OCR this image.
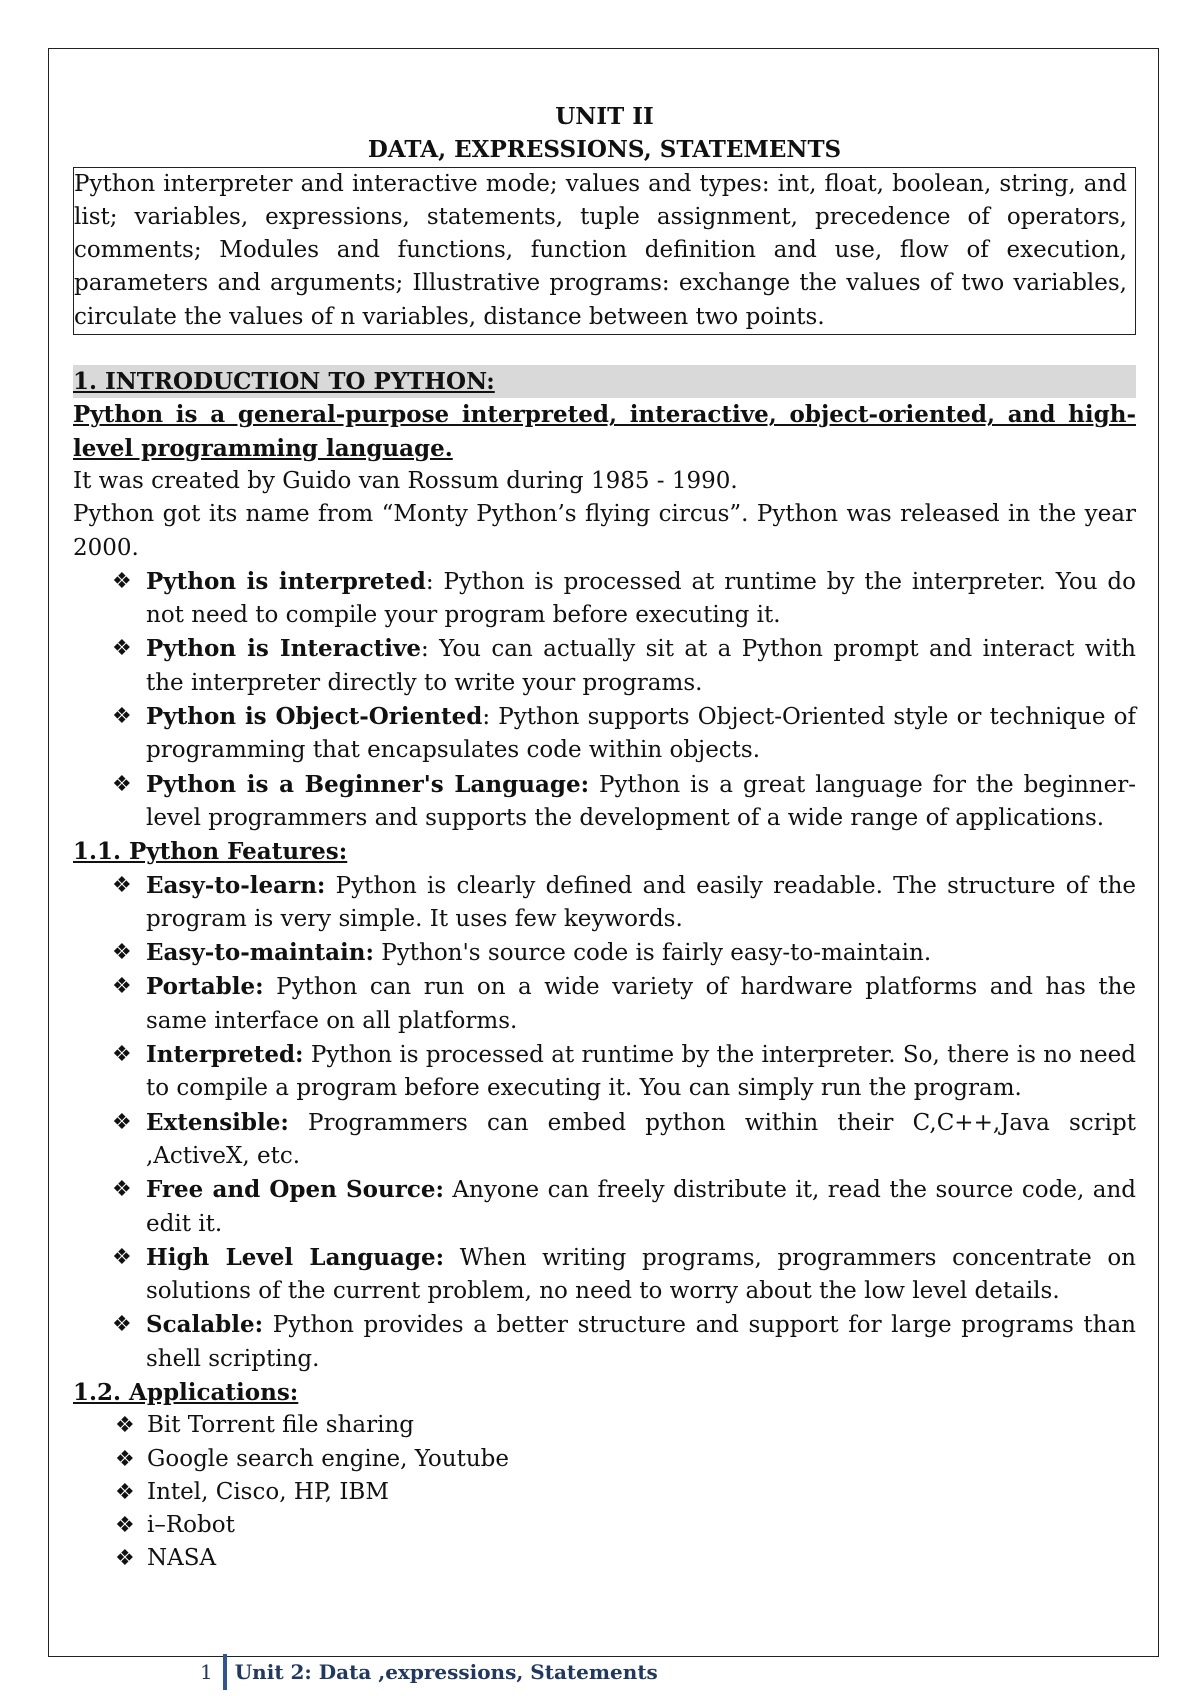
UNIT II

DATA, EXPRESSIONS, STATEMENTS

Python interpreter and interactive mode; values and types: int, float, boolean, string, and list; variables, expressions, statements, tuple assignment, precedence of operators, comments; Modules and functions, function definition and use, flow of execution, parameters and arguments; Illustrative programs: exchange the values of two variables, circulate the values of n variables, distance between two points.

1. INTRODUCTION TO PYTHON:

Python is a general-purpose interpreted, interactive, object-oriented, and high-level programming language.

It was created by Guido van Rossum during 1985 - 1990.

Python got its name from “Monty Python’s flying circus”. Python was released in the year 2000.

❖ Python is interpreted: Python is processed at runtime by the interpreter. You do not need to compile your program before executing it.
❖ Python is Interactive: You can actually sit at a Python prompt and interact with the interpreter directly to write your programs.
❖ Python is Object-Oriented: Python supports Object-Oriented style or technique of programming that encapsulates code within objects.
❖ Python is a Beginner's Language: Python is a great language for the beginner-level programmers and supports the development of a wide range of applications.

1.1. Python Features:

❖ Easy-to-learn: Python is clearly defined and easily readable. The structure of the program is very simple. It uses few keywords.
❖ Easy-to-maintain: Python's source code is fairly easy-to-maintain.
❖ Portable: Python can run on a wide variety of hardware platforms and has the same interface on all platforms.
❖ Interpreted: Python is processed at runtime by the interpreter. So, there is no need to compile a program before executing it. You can simply run the program.
❖ Extensible: Programmers can embed python within their C,C++,Java script ,ActiveX, etc.
❖ Free and Open Source: Anyone can freely distribute it, read the source code, and edit it.
❖ High Level Language: When writing programs, programmers concentrate on solutions of the current problem, no need to worry about the low level details.
❖ Scalable: Python provides a better structure and support for large programs than shell scripting.

1.2. Applications:

❖ Bit Torrent file sharing
❖ Google search engine, Youtube
❖ Intel, Cisco, HP, IBM
❖ i–Robot
❖ NASA
1 Unit 2: Data ,expressions, Statements
